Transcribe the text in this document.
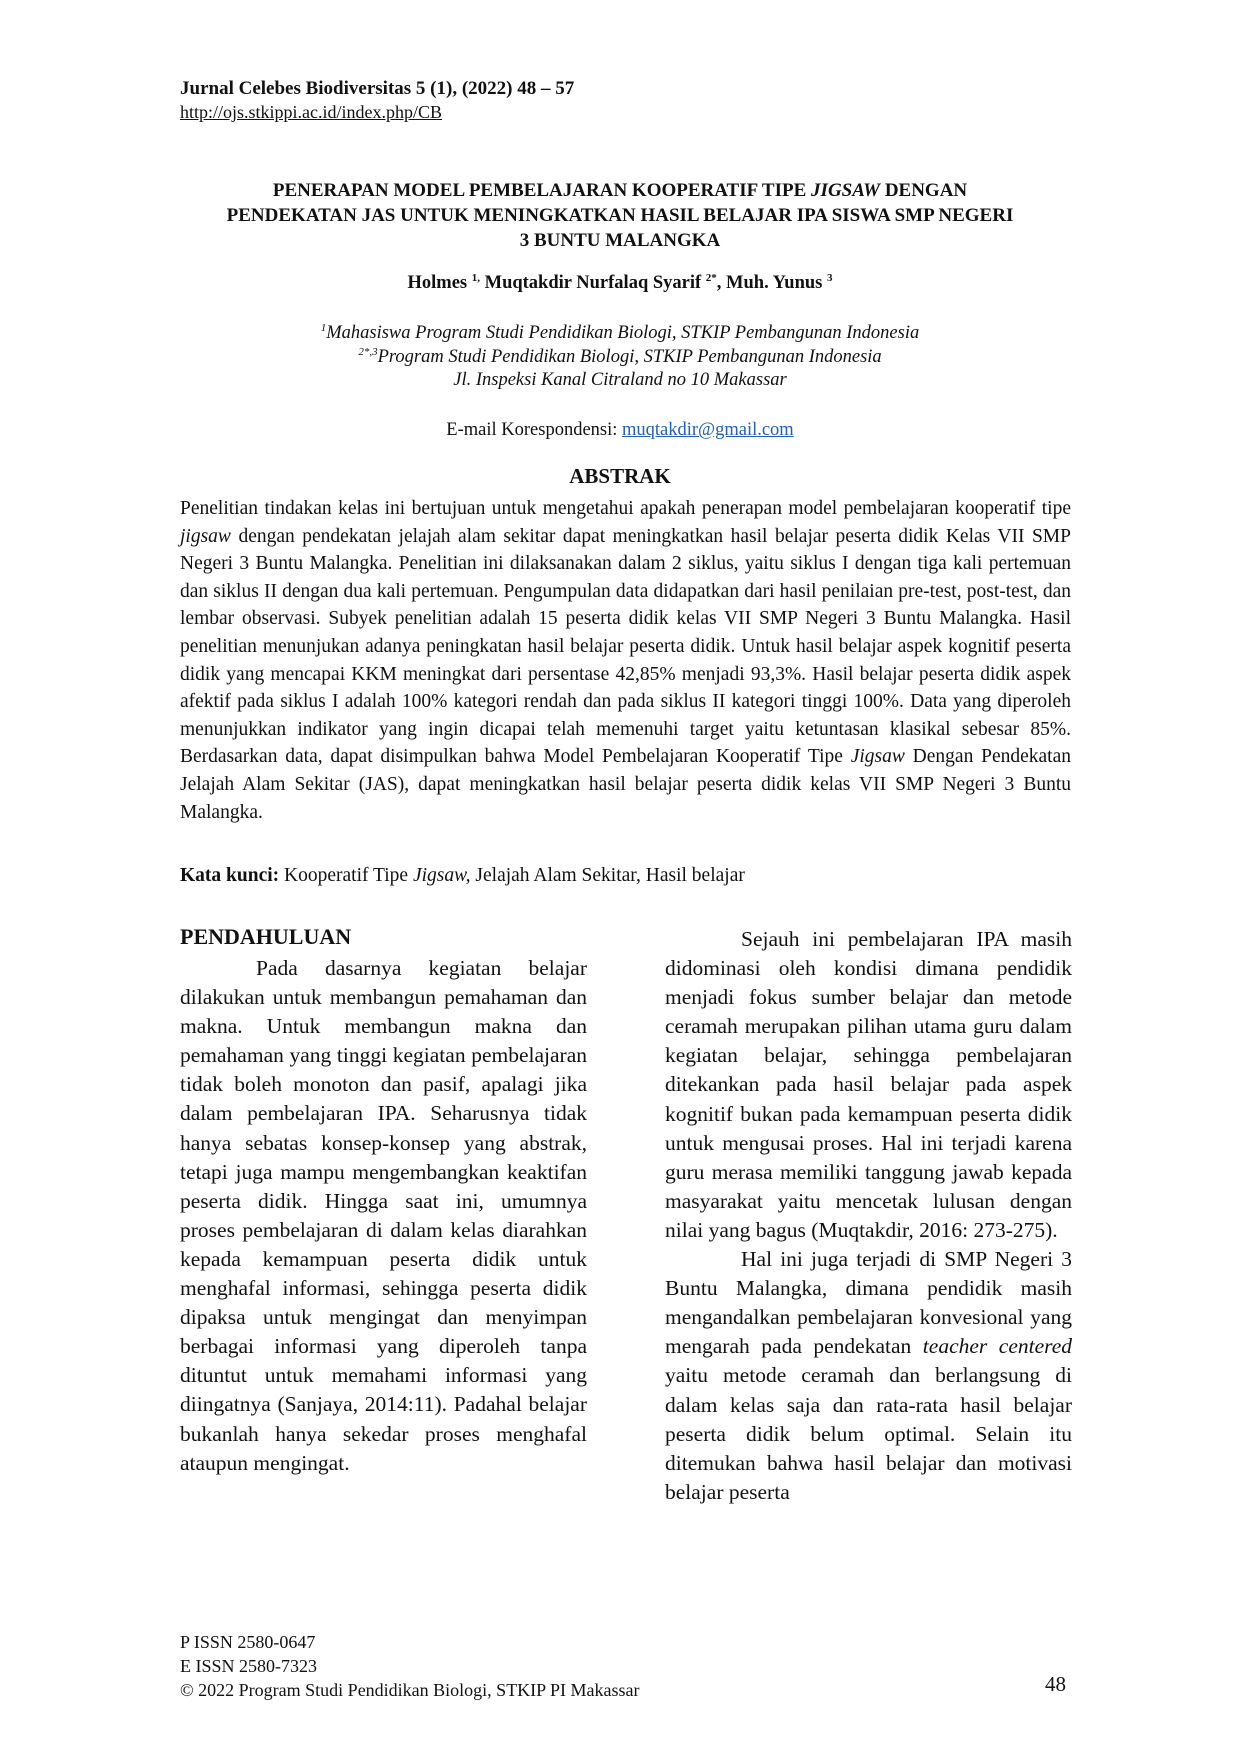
Jurnal Celebes Biodiversitas 5 (1), (2022) 48 – 57
http://ojs.stkippi.ac.id/index.php/CB
PENERAPAN MODEL PEMBELAJARAN KOOPERATIF TIPE JIGSAW DENGAN
PENDEKATAN JAS UNTUK MENINGKATKAN HASIL BELAJAR IPA SISWA SMP NEGERI
3 BUNTU MALANGKA
Holmes $^{1,}$ Muqtakdir Nurfalaq Syarif $^{2*}$, Muh. Yunus $^3$
$^1$Mahasiswa Program Studi Pendidikan Biologi, STKIP Pembangunan Indonesia
$^{2*,3}$Program Studi Pendidikan Biologi, STKIP Pembangunan Indonesia
Jl. Inspeksi Kanal Citraland no 10 Makassar
E-mail Korespondensi: muqtakdir@gmail.com
ABSTRAK
Penelitian tindakan kelas ini bertujuan untuk mengetahui apakah penerapan model pembelajaran kooperatif tipe jigsaw dengan pendekatan jelajah alam sekitar dapat meningkatkan hasil belajar peserta didik Kelas VII SMP Negeri 3 Buntu Malangka. Penelitian ini dilaksanakan dalam 2 siklus, yaitu siklus I dengan tiga kali pertemuan dan siklus II dengan dua kali pertemuan. Pengumpulan data didapatkan dari hasil penilaian pre-test, post-test, dan lembar observasi. Subyek penelitian adalah 15 peserta didik kelas VII SMP Negeri 3 Buntu Malangka. Hasil penelitian menunjukan adanya peningkatan hasil belajar peserta didik. Untuk hasil belajar aspek kognitif peserta didik yang mencapai KKM meningkat dari persentase 42,85% menjadi 93,3%. Hasil belajar peserta didik aspek afektif pada siklus I adalah 100% kategori rendah dan pada siklus II kategori tinggi 100%. Data yang diperoleh menunjukkan indikator yang ingin dicapai telah memenuhi target yaitu ketuntasan klasikal sebesar 85%. Berdasarkan data, dapat disimpulkan bahwa Model Pembelajaran Kooperatif Tipe Jigsaw Dengan Pendekatan Jelajah Alam Sekitar (JAS), dapat meningkatkan hasil belajar peserta didik kelas VII SMP Negeri 3 Buntu Malangka.
Kata kunci: Kooperatif Tipe Jigsaw, Jelajah Alam Sekitar, Hasil belajar
PENDAHULUAN

Pada dasarnya kegiatan belajar dilakukan untuk membangun pemahaman dan makna. Untuk membangun makna dan pemahaman yang tinggi kegiatan pembelajaran tidak boleh monoton dan pasif, apalagi jika dalam pembelajaran IPA. Seharusnya tidak hanya sebatas konsep-konsep yang abstrak, tetapi juga mampu mengembangkan keaktifan peserta didik. Hingga saat ini, umumnya proses pembelajaran di dalam kelas diarahkan kepada kemampuan peserta didik untuk menghafal informasi, sehingga peserta didik dipaksa untuk mengingat dan menyimpan berbagai informasi yang diperoleh tanpa dituntut untuk memahami informasi yang diingatnya (Sanjaya, 2014:11). Padahal belajar bukanlah hanya sekedar proses menghafal ataupun mengingat.

Sejauh ini pembelajaran IPA masih didominasi oleh kondisi dimana pendidik menjadi fokus sumber belajar dan metode ceramah merupakan pilihan utama guru dalam kegiatan belajar, sehingga pembelajaran ditekankan pada hasil belajar pada aspek kognitif bukan pada kemampuan peserta didik untuk mengusai proses. Hal ini terjadi karena guru merasa memiliki tanggung jawab kepada masyarakat yaitu mencetak lulusan dengan nilai yang bagus (Muqtakdir, 2016: 273-275).

Hal ini juga terjadi di SMP Negeri 3 Buntu Malangka, dimana pendidik masih mengandalkan pembelajaran konvesional yang mengarah pada pendekatan teacher centered yaitu metode ceramah dan berlangsung di dalam kelas saja dan rata-rata hasil belajar peserta didik belum optimal. Selain itu ditemukan bahwa hasil belajar dan motivasi belajar peserta

P ISSN 2580-0647
E ISSN 2580-7323
© 2022 Program Studi Pendidikan Biologi, STKIP PI Makassar	48
